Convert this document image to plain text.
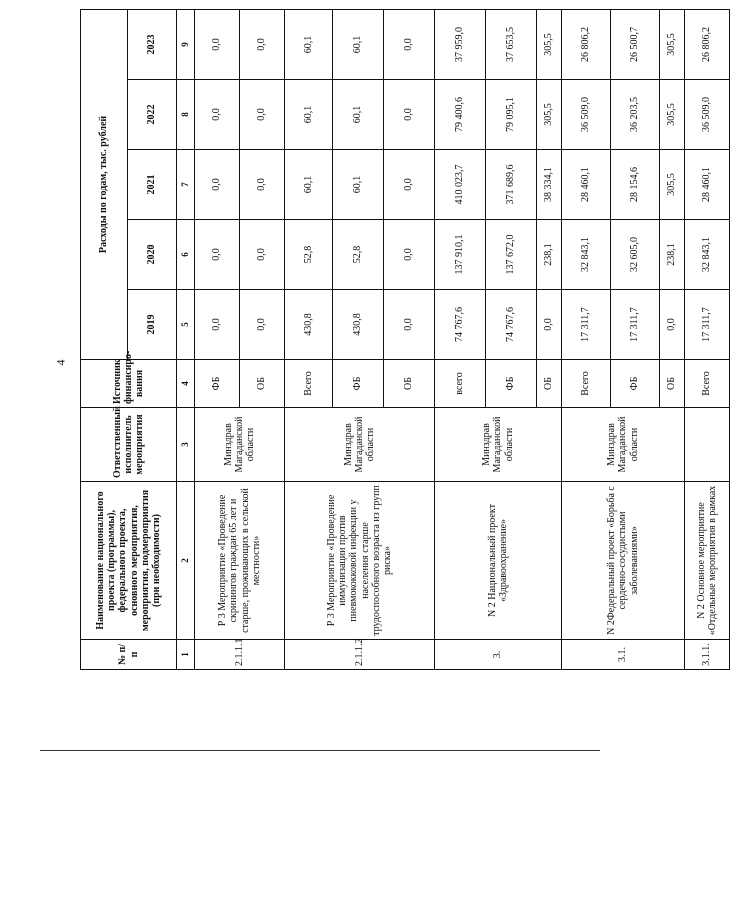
4
№ п/п	Наименование национального проекта (программы), федерального проекта, основного мероприятия, мероприятия, подмероприятия (при необходимости)	Ответственный исполнитель мероприятия	Источник финансиро-вания	Расходы по годам, тыс. рублей				
				2019	2020	2021	2022	2023
1	2	3	4	5	6	7	8	9
2.1.1.1	Р 3 Мероприятие «Проведение скринингов граждан 65 лет и старше, проживающих в сельской местности»	Минздрав Магаданской области	ФБ	0,0	0,0	0,0	0,0	0,0
			ОБ	0,0	0,0	0,0	0,0	0,0
2.1.1.2	Р 3 Мероприятие «Проведение иммунизации против пневмококковой инфекции у населения старше трудоспособного возраста из групп риска»	Минздрав Магаданской области	Всего	430,8	52,8	60,1	60,1	60,1
			ФБ	430,8	52,8	60,1	60,1	60,1
			ОБ	0,0	0,0	0,0	0,0	0,0
3.	N 2 Национальный проект «Здравоохранение»	Минздрав Магаданской области	всего	74 767,6	137 910,1	410 023,7	79 400,6	37 959,0
			ФБ	74 767,6	137 672,0	371 689,6	79 095,1	37 653,5
			ОБ	0,0	238,1	38 334,1	305,5	305,5
3.1.	N 2Федеральный проект «Борьба с сердечно-сосудистыми заболеваниями»	Минздрав Магаданской области	Всего	17 311,7	32 843,1	28 460,1	36 509,0	26 806,2
			ФБ	17 311,7	32 605,0	28 154,6	36 203,5	26 500,7
			ОБ	0,0	238,1	305,5	305,5	305,5
3.1.1.	N 2 Основное мероприятие «Отдельные мероприятия в рамках		Всего	17 311,7	32 843,1	28 460,1	36 509,0	26 806,2
